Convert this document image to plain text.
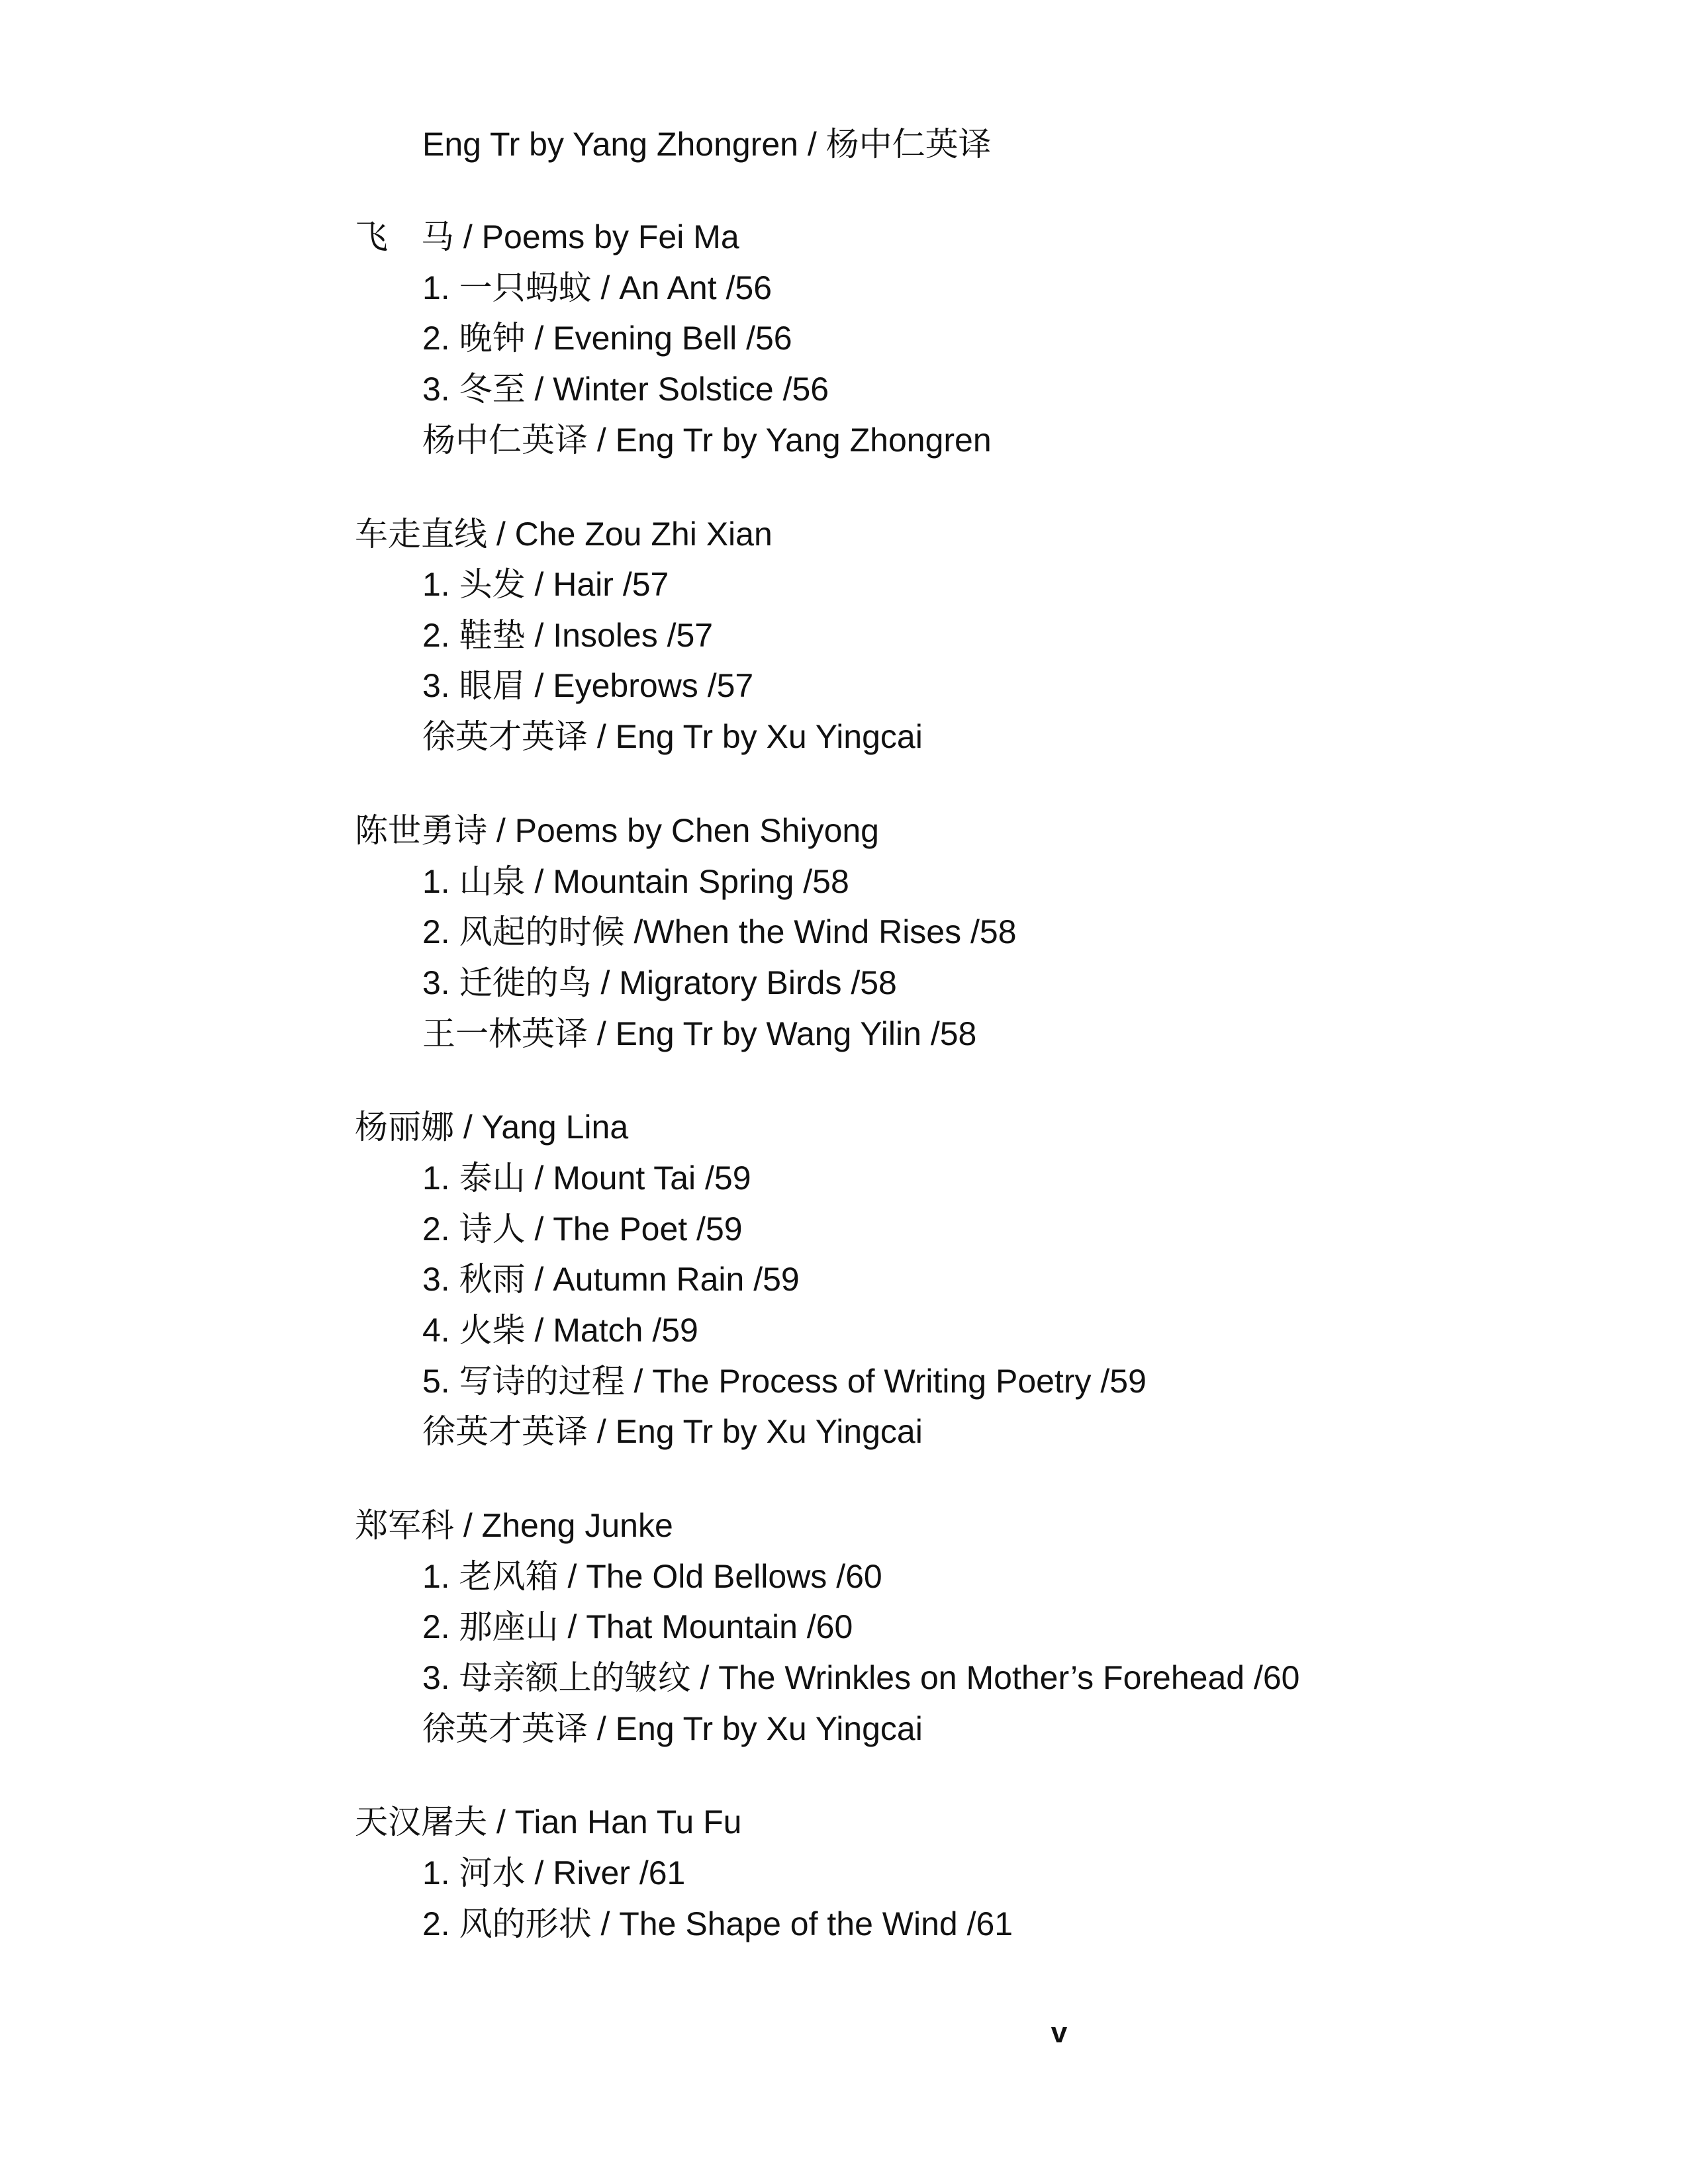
Eng Tr by Yang Zhongren / 杨中仁英译

飞　马 / Poems by Fei Ma

1. 一只蚂蚊 / An Ant /56

2. 晚钟 / Evening Bell /56

3. 冬至 / Winter Solstice /56

杨中仁英译 / Eng Tr by Yang Zhongren

车走直线 / Che Zou Zhi Xian

1. 头发 / Hair /57

2. 鞋垫 / Insoles /57

3. 眼眉 / Eyebrows /57

徐英才英译 / Eng Tr by Xu Yingcai

陈世勇诗 / Poems by Chen Shiyong

1. 山泉 / Mountain Spring /58

2. 风起的时候 /When the Wind Rises /58

3. 迁徙的鸟 / Migratory Birds /58

王一林英译 / Eng Tr by Wang Yilin /58

杨丽娜 / Yang Lina

1. 泰山 / Mount Tai /59

2. 诗人 / The Poet /59

3. 秋雨 / Autumn Rain /59

4. 火柴 / Match /59

5. 写诗的过程 / The Process of Writing Poetry /59

徐英才英译 / Eng Tr by Xu Yingcai

郑军科 / Zheng Junke

1. 老风箱 / The Old Bellows /60

2. 那座山 / That Mountain /60

3. 母亲额上的皱纹 / The Wrinkles on Mother’s Forehead /60

徐英才英译 / Eng Tr by Xu Yingcai

天汉屠夫 / Tian Han Tu Fu

1. 河水 / River /61

2. 风的形状 / The Shape of the Wind /61

v
